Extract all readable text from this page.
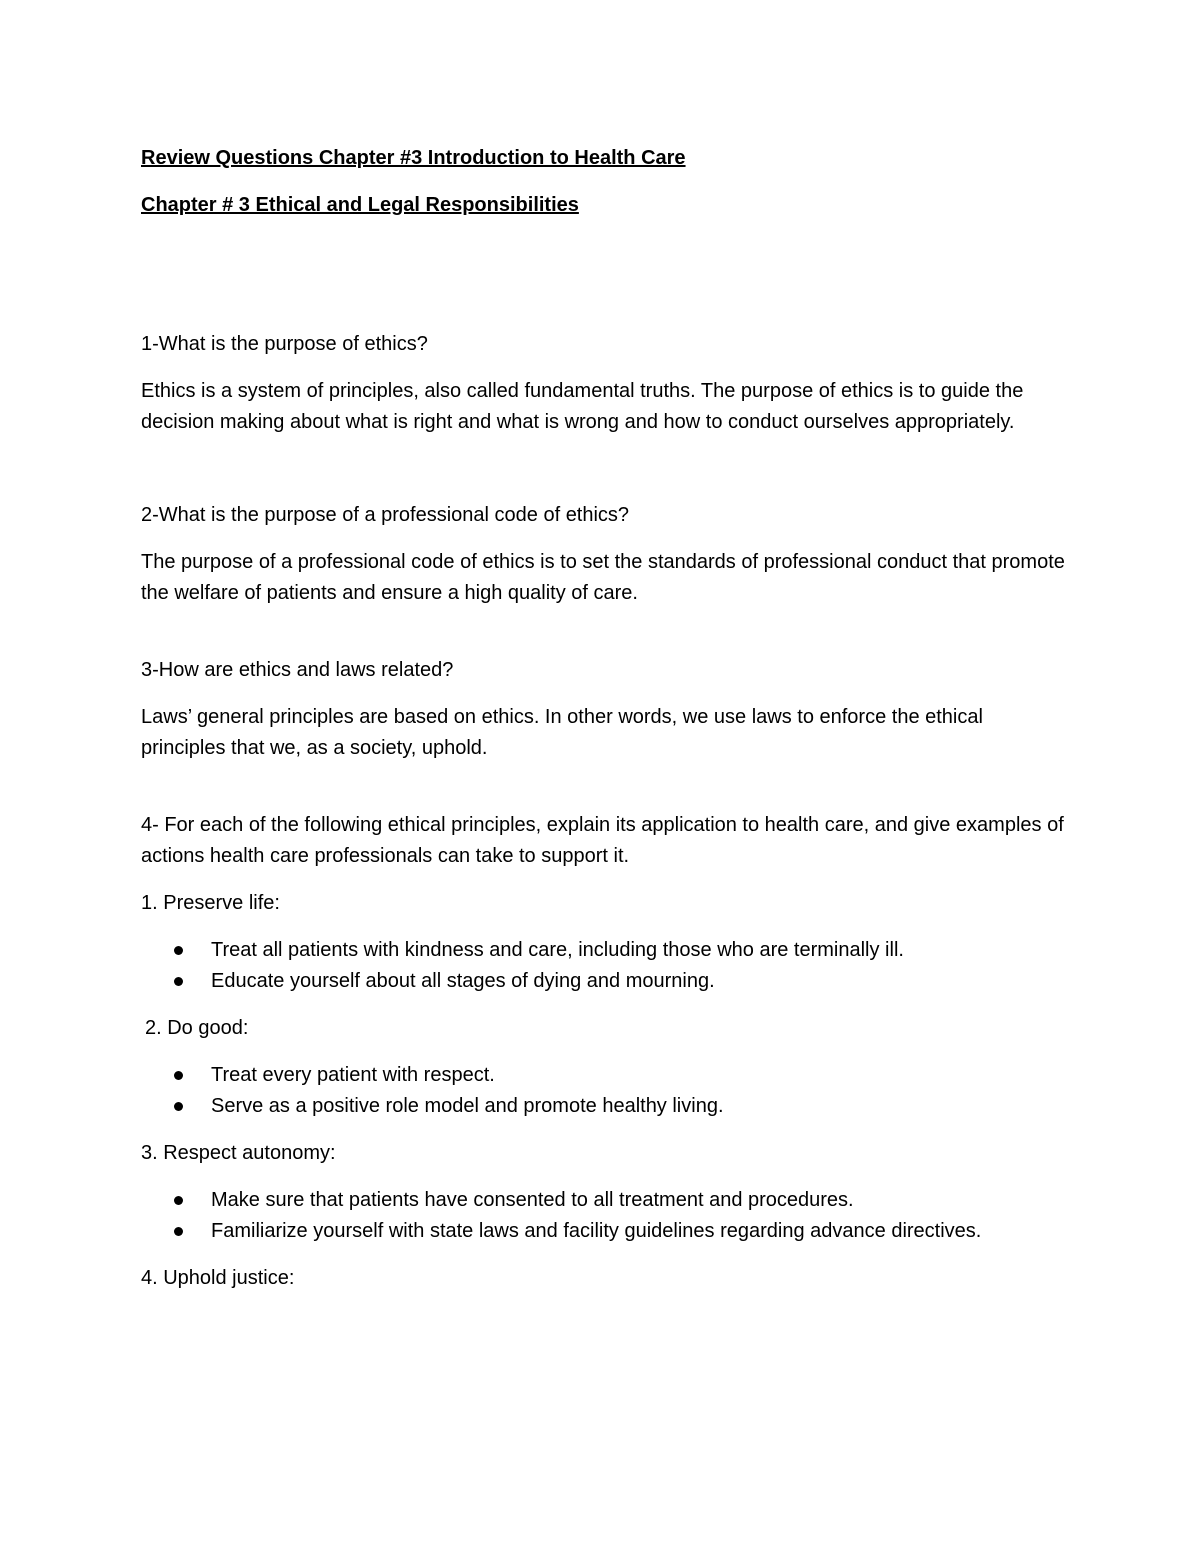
Review Questions Chapter #3 Introduction to Health Care

Chapter # 3 Ethical and Legal Responsibilities

1-What is the purpose of ethics?

Ethics is a system of principles, also called fundamental truths. The purpose of ethics is to guide the decision making about what is right and what is wrong and how to conduct ourselves appropriately.

2-What is the purpose of a professional code of ethics?

The purpose of a professional code of ethics is to set the standards of professional conduct that promote the welfare of patients and ensure a high quality of care.

3-How are ethics and laws related?

Laws’ general principles are based on ethics. In other words, we use laws to enforce the ethical principles that we, as a society, uphold.

4- For each of the following ethical principles, explain its application to health care, and give examples of actions health care professionals can take to support it.

1. Preserve life:

Treat all patients with kindness and care, including those who are terminally ill.
Educate yourself about all stages of dying and mourning.

2. Do good:

Treat every patient with respect.
Serve as a positive role model and promote healthy living.

3. Respect autonomy:

Make sure that patients have consented to all treatment and procedures.
Familiarize yourself with state laws and facility guidelines regarding advance directives.

4. Uphold justice:
